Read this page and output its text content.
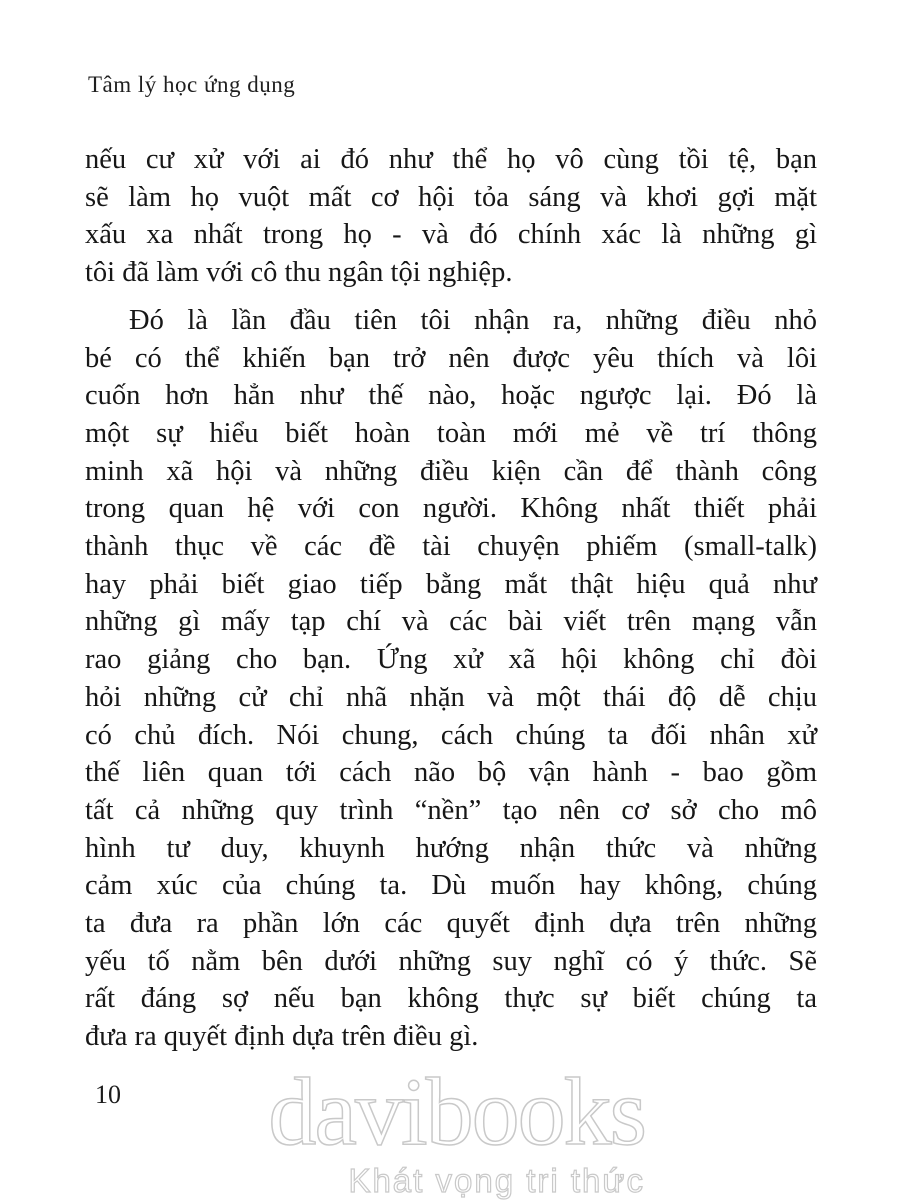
Tâm lý học ứng dụng
nếu cư xử với ai đó như thể họ vô cùng tồi tệ, bạn
sẽ làm họ vuột mất cơ hội tỏa sáng và khơi gợi mặt
xấu xa nhất trong họ - và đó chính xác là những gì
tôi đã làm với cô thu ngân tội nghiệp.
Đó là lần đầu tiên tôi nhận ra, những điều nhỏ
bé có thể khiến bạn trở nên được yêu thích và lôi
cuốn hơn hẳn như thế nào, hoặc ngược lại. Đó là
một sự hiểu biết hoàn toàn mới mẻ về trí thông
minh xã hội và những điều kiện cần để thành công
trong quan hệ với con người. Không nhất thiết phải
thành thục về các đề tài chuyện phiếm (small-talk)
hay phải biết giao tiếp bằng mắt thật hiệu quả như
những gì mấy tạp chí và các bài viết trên mạng vẫn
rao giảng cho bạn. Ứng xử xã hội không chỉ đòi
hỏi những cử chỉ nhã nhặn và một thái độ dễ chịu
có chủ đích. Nói chung, cách chúng ta đối nhân xử
thế liên quan tới cách não bộ vận hành - bao gồm
tất cả những quy trình “nền” tạo nên cơ sở cho mô
hình tư duy, khuynh hướng nhận thức và những
cảm xúc của chúng ta. Dù muốn hay không, chúng
ta đưa ra phần lớn các quyết định dựa trên những
yếu tố nằm bên dưới những suy nghĩ có ý thức. Sẽ
rất đáng sợ nếu bạn không thực sự biết chúng ta
đưa ra quyết định dựa trên điều gì.
10 davibooks
Khát vọng tri thức
